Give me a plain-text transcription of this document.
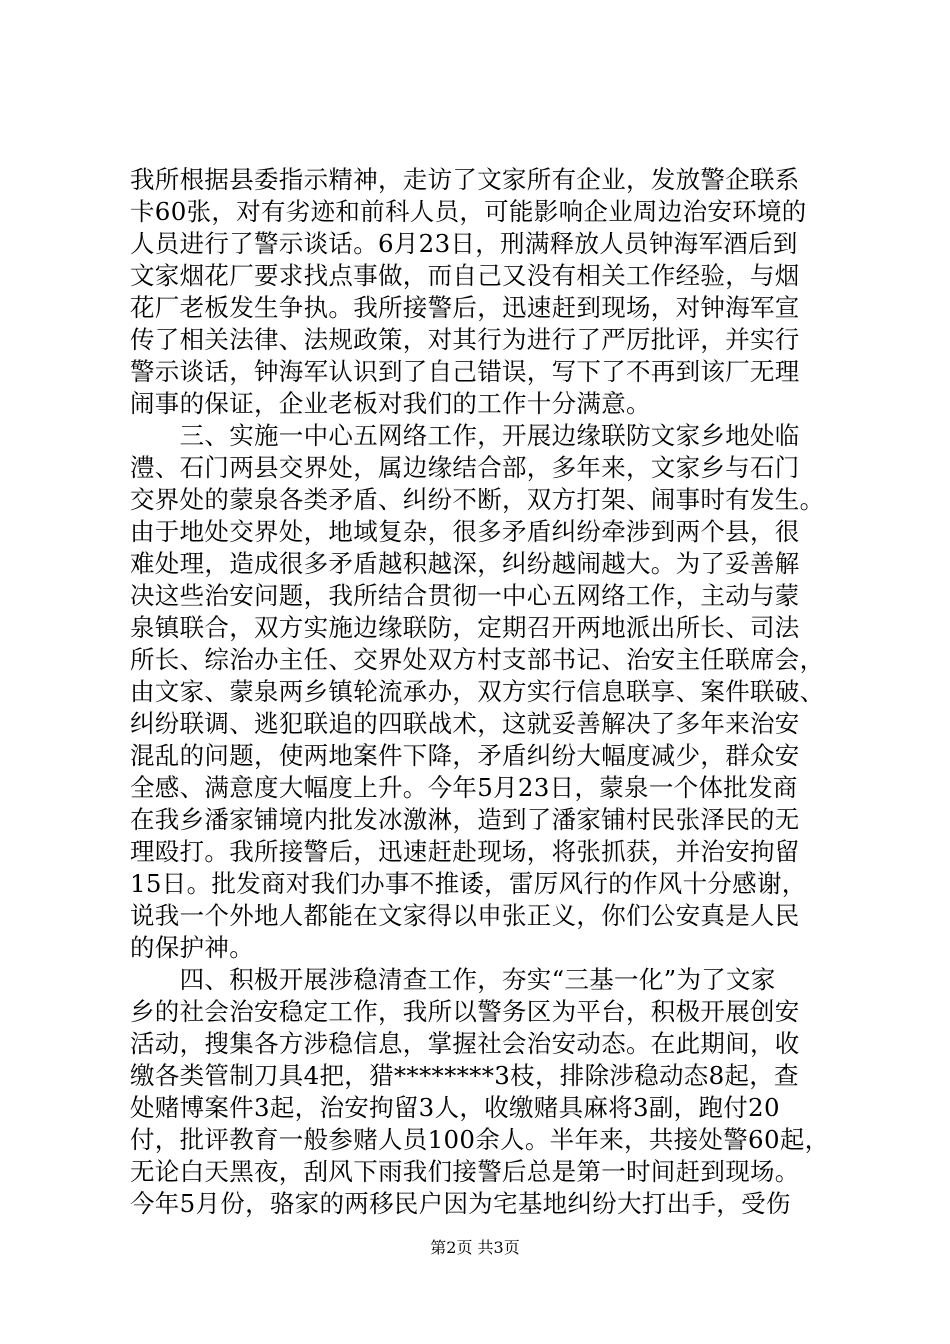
我所根据县委指示精神，走访了文家所有企业，发放警企联系
卡60张，对有劣迹和前科人员，可能影响企业周边治安环境的
人员进行了警示谈话。6月23日，刑满释放人员钟海军酒后到
文家烟花厂要求找点事做，而自己又没有相关工作经验，与烟
花厂老板发生争执。我所接警后，迅速赶到现场，对钟海军宣
传了相关法律、法规政策，对其行为进行了严厉批评，并实行
警示谈话，钟海军认识到了自己错误，写下了不再到该厂无理
闹事的保证，企业老板对我们的工作十分满意。
　　三、实施一中心五网络工作，开展边缘联防文家乡地处临
澧、石门两县交界处，属边缘结合部，多年来，文家乡与石门
交界处的蒙泉各类矛盾、纠纷不断，双方打架、闹事时有发生。
由于地处交界处，地域复杂，很多矛盾纠纷牵涉到两个县，很
难处理，造成很多矛盾越积越深，纠纷越闹越大。为了妥善解
决这些治安问题，我所结合贯彻一中心五网络工作，主动与蒙
泉镇联合，双方实施边缘联防，定期召开两地派出所长、司法
所长、综治办主任、交界处双方村支部书记、治安主任联席会，
由文家、蒙泉两乡镇轮流承办，双方实行信息联享、案件联破、
纠纷联调、逃犯联追的四联战术，这就妥善解决了多年来治安
混乱的问题，使两地案件下降，矛盾纠纷大幅度减少，群众安
全感、满意度大幅度上升。今年5月23日，蒙泉一个体批发商
在我乡潘家铺境内批发冰激淋，造到了潘家铺村民张泽民的无
理殴打。我所接警后，迅速赶赴现场，将张抓获，并治安拘留
15日。批发商对我们办事不推诿，雷厉风行的作风十分感谢，
说我一个外地人都能在文家得以申张正义，你们公安真是人民
的保护神。
　　四、积极开展涉稳清查工作，夯实“三基一化”为了文家
乡的社会治安稳定工作，我所以警务区为平台，积极开展创安
活动，搜集各方涉稳信息，掌握社会治安动态。在此期间，收
缴各类管制刀具4把，猎********3枝，排除涉稳动态8起，查
处赌博案件3起，治安拘留3人，收缴赌具麻将3副，跑付20
付，批评教育一般参赌人员100余人。半年来，共接处警60起，
无论白天黑夜，刮风下雨我们接警后总是第一时间赶到现场。
今年5月份，骆家的两移民户因为宅基地纠纷大打出手，受伤
第2页 共3页
